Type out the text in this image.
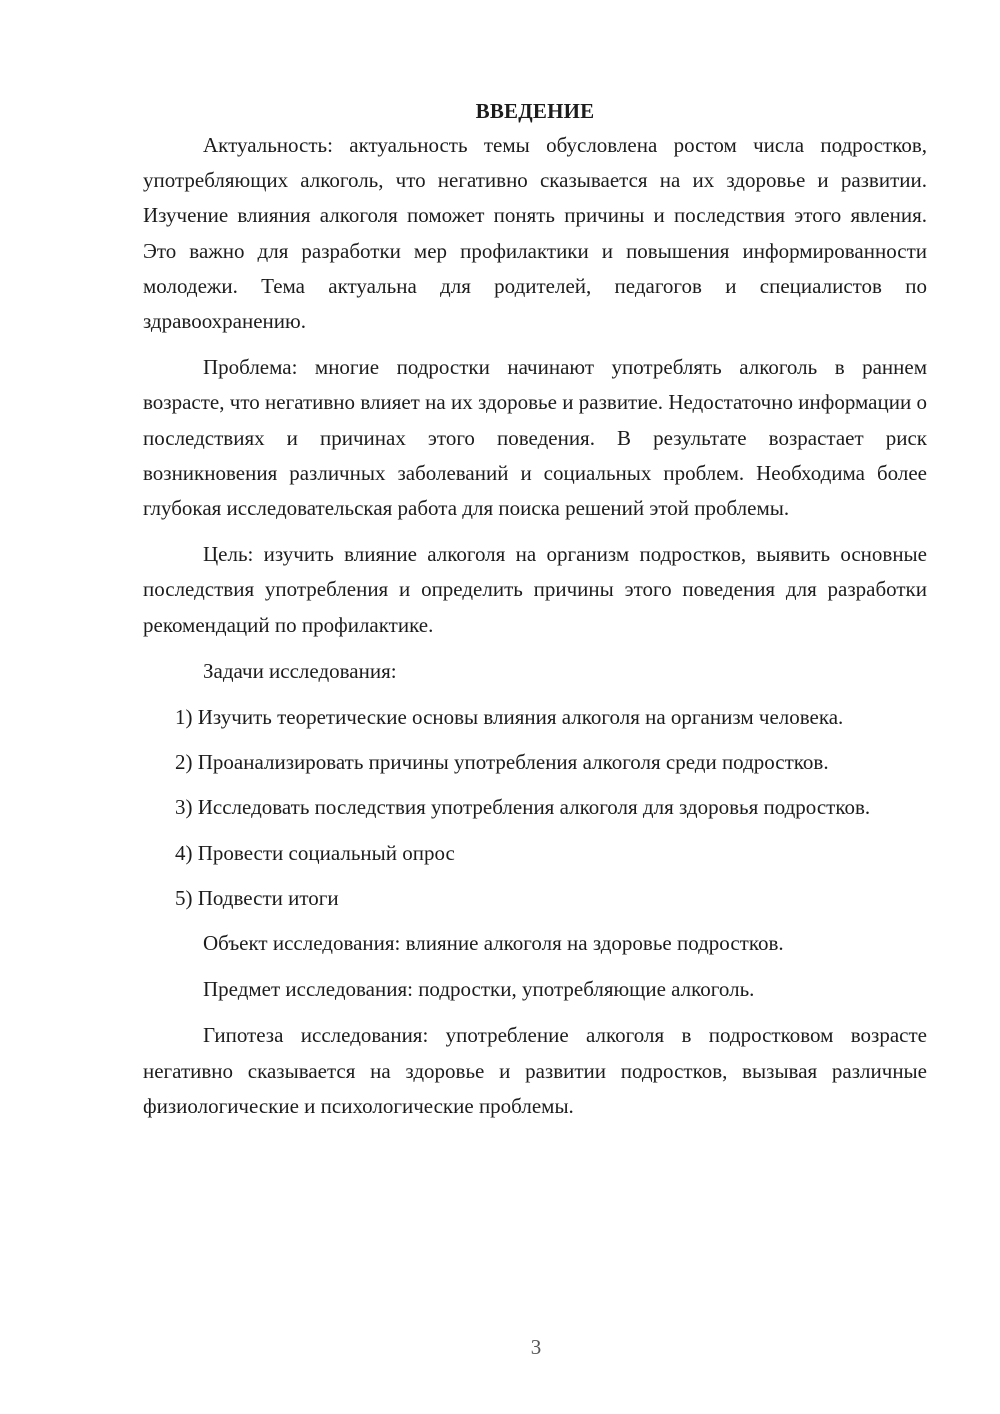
ВВЕДЕНИЕ

Актуальность: актуальность темы обусловлена ростом числа подростков, употребляющих алкоголь, что негативно сказывается на их здоровье и развитии. Изучение влияния алкоголя поможет понять причины и последствия этого явления. Это важно для разработки мер профилактики и повышения информированности молодежи. Тема актуальна для родителей, педагогов и специалистов по здравоохранению.

Проблема: многие подростки начинают употреблять алкоголь в раннем возрасте, что негативно влияет на их здоровье и развитие. Недостаточно информации о последствиях и причинах этого поведения. В результате возрастает риск возникновения различных заболеваний и социальных проблем. Необходима более глубокая исследовательская работа для поиска решений этой проблемы.

Цель: изучить влияние алкоголя на организм подростков, выявить основные последствия употребления и определить причины этого поведения для разработки рекомендаций по профилактике.

Задачи исследования:

1) Изучить теоретические основы влияния алкоголя на организм человека.

2) Проанализировать причины употребления алкоголя среди подростков.

3) Исследовать последствия употребления алкоголя для здоровья подростков.

4) Провести социальный опрос

5) Подвести итоги

Объект исследования: влияние алкоголя на здоровье подростков.

Предмет исследования: подростки, употребляющие алкоголь.

Гипотеза исследования: употребление алкоголя в подростковом возрасте негативно сказывается на здоровье и развитии подростков, вызывая различные физиологические и психологические проблемы.

3
